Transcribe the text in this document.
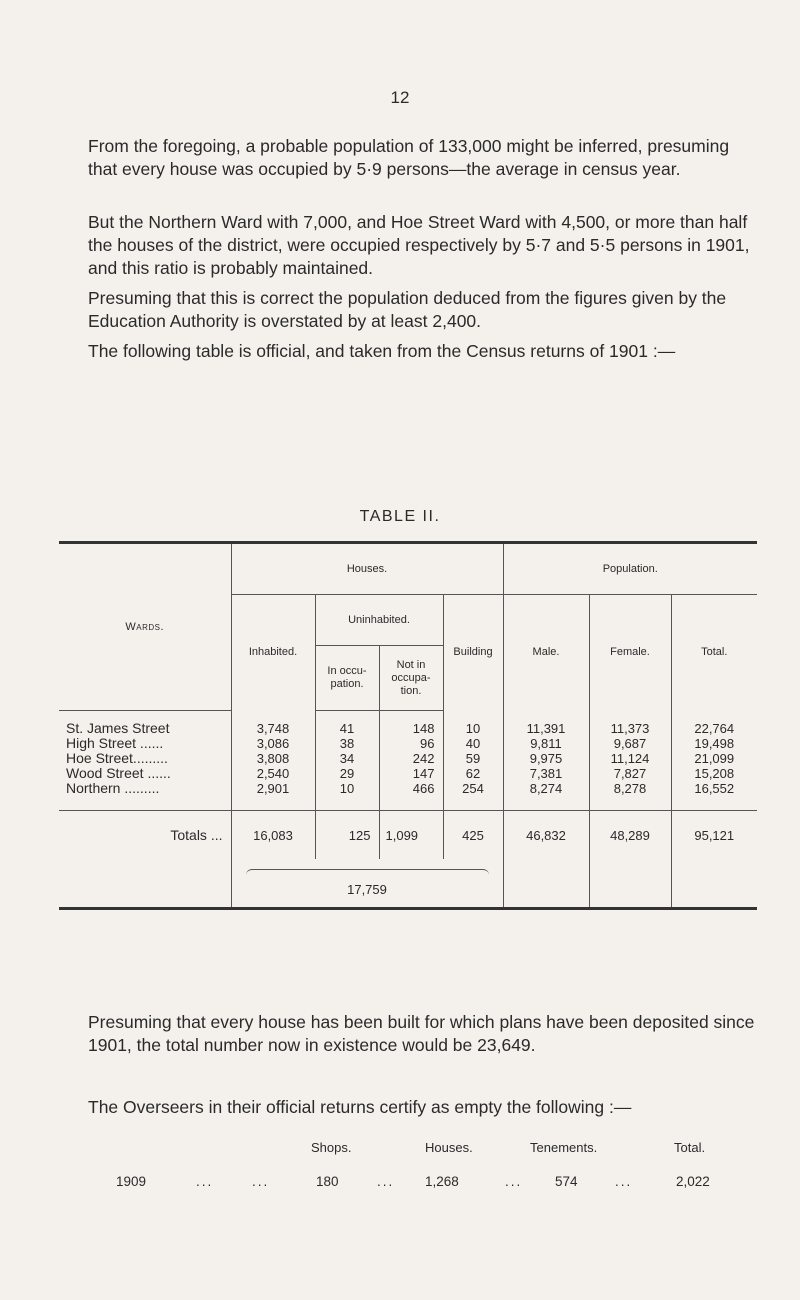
12

From the foregoing, a probable population of 133,000 might be inferred, presuming that every house was occupied by 5·9 persons—the average in census year.

But the Northern Ward with 7,000, and Hoe Street Ward with 4,500, or more than half the houses of the district, were occupied respectively by 5·7 and 5·5 persons in 1901, and this ratio is probably maintained.

Presuming that this is correct the population deduced from the figures given by the Education Authority is overstated by at least 2,400.

The following table is official, and taken from the Census returns of 1901 :—

TABLE II.
Wards.	Houses.				Population.		
	Inhabited.	Uninhabited.		Building	Male.	Female.	Total.
		In occu- pation.	Not in occupa- tion.				

St. James Street	3,748	41	148	10	11,391	11,373	22,764
High Street ......	3,086	38	96	40	9,811	9,687	19,498
Hoe Street.........	3,808	34	242	59	9,975	11,124	21,099
Wood Street ......	2,540	29	147	62	7,381	7,827	15,208
Northern .........	2,901	10	466	254	8,274	8,278	16,552

Totals ...	16,083	125	1,099	425	46,832	48,289	95,121

17,759						

Presuming that every house has been built for which plans have been deposited since 1901, the total number now in existence would be 23,649.

The Overseers in their official returns certify as empty the following :—

Shops.	Houses.	Tenements.	Total.
1909	...	...	180	... 1,268	... 574	...	2,022
